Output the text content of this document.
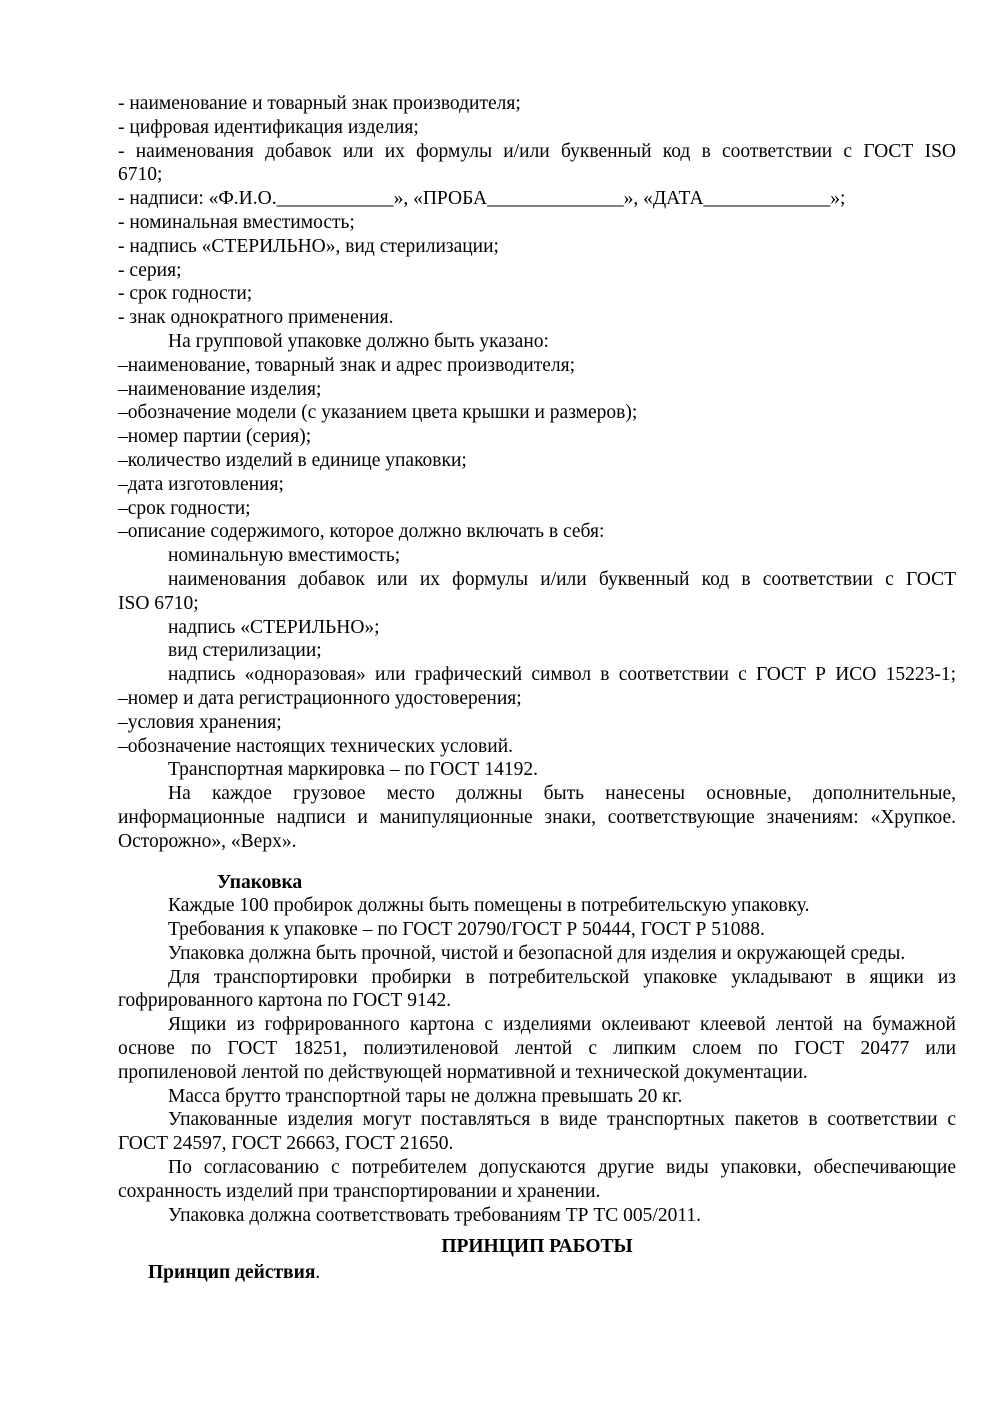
- наименование и товарный знак производителя;
- цифровая идентификация изделия;
- наименования добавок или их формулы и/или буквенный код в соответствии с ГОСТ ISO
6710;
- надписи: «Ф.И.О.____________», «ПРОБА______________», «ДАТА_____________»;
- номинальная вместимость;
- надпись «СТЕРИЛЬНО», вид стерилизации;
- серия;
- срок годности;
- знак однократного применения.
На групповой упаковке должно быть указано:
–наименование, товарный знак и адрес производителя;
–наименование изделия;
–обозначение модели (с указанием цвета крышки и размеров);
–номер партии (серия);
–количество изделий в единице упаковки;
–дата изготовления;
–срок годности;
–описание содержимого, которое должно включать в себя:
номинальную вместимость;
наименования добавок или их формулы и/или буквенный код в соответствии с ГОСТ
ISO 6710;
надпись «СТЕРИЛЬНО»;
вид стерилизации;
надпись «одноразовая» или графический символ в соответствии с ГОСТ Р ИСО 15223-1;
–номер и дата регистрационного удостоверения;
–условия хранения;
–обозначение настоящих технических условий.
Транспортная маркировка – по ГОСТ 14192.
На каждое грузовое место должны быть нанесены основные, дополнительные,
информационные надписи и манипуляционные знаки, соответствующие значениям: «Хрупкое.
Осторожно», «Верх».
Упаковка
Каждые 100 пробирок должны быть помещены в потребительскую упаковку.
Требования к упаковке – по ГОСТ 20790/ГОСТ Р 50444, ГОСТ Р 51088.
Упаковка должна быть прочной, чистой и безопасной для изделия и окружающей среды.
Для транспортировки пробирки в потребительской упаковке укладывают в ящики из
гофрированного картона по ГОСТ 9142.
Ящики из гофрированного картона с изделиями оклеивают клеевой лентой на бумажной
основе по ГОСТ 18251, полиэтиленовой лентой с липким слоем по ГОСТ 20477 или
пропиленовой лентой по действующей нормативной и технической документации.
Масса брутто транспортной тары не должна превышать 20 кг.
Упакованные изделия могут поставляться в виде транспортных пакетов в соответствии с
ГОСТ 24597, ГОСТ 26663, ГОСТ 21650.
По согласованию с потребителем допускаются другие виды упаковки, обеспечивающие
сохранность изделий при транспортировании и хранении.
Упаковка должна соответствовать требованиям ТР ТС 005/2011.
ПРИНЦИП РАБОТЫ
Принцип действия.
